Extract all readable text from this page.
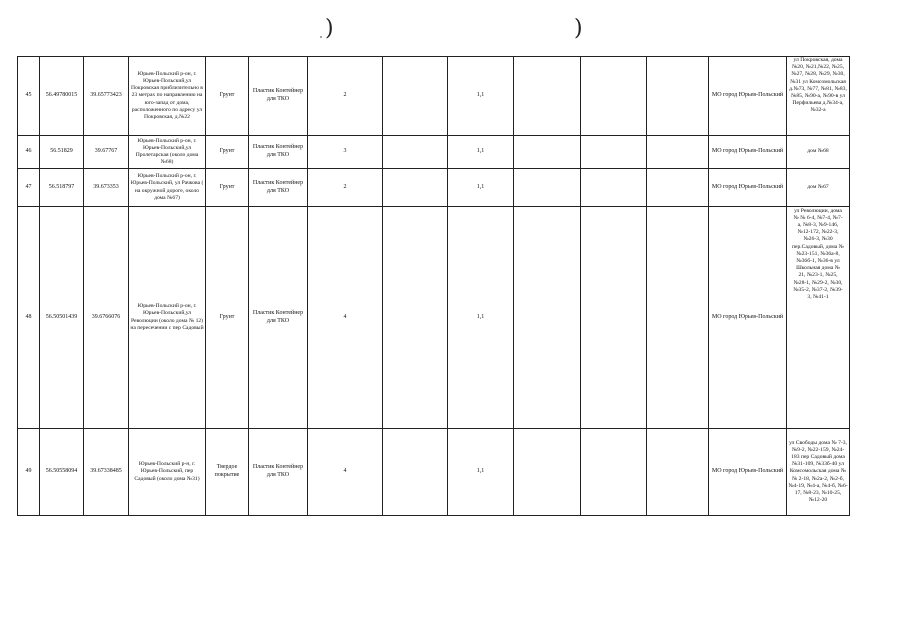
)	)
45	56.49780015	39.65773423	Юрьев-Польский р-он, г. Юрьев-Польский,ул Покровская приблизительно в 23 метрах по направлению на юго-запад от дома, расположенного по адресу ул Покровская, д.№22	Грунт	Пластик Контейнер для ТКО	2		1,1				МО город Юрьев-Польский	ул Покровская, дома №20, №21,№22, №25, №27, №28, №29, №30, №31 ул Комсомольская д.№73, №77, №81, №83, №85, №90-а, №90-в ул Перфильева д.№34-а, №32-а

46	56.51829	39.67767	Юрьев-Польский р-он, г. Юрьев-Польский,ул Пролетарская (около дома №68)	Грунт	Пластик Контейнер для ТКО	3		1,1				МО город Юрьев-Польский	дом №68

47	56.518797	39.673353	Юрьев-Польский р-он, г. Юрьев-Польский, ул Рачкова ( на окружной дороге, около дома №67)	Грунт	Пластик Контейнер для ТКО	2		1,1				МО город Юрьев-Польский	дом №67

48	56.50501439	39.6766076	Юрьев-Польский р-он, г. Юрьев-Польский,ул Революции (около дома № 12) на пересечении с пер Садовый	Грунт	Пластик Контейнер для ТКО	4		1,1				МО город Юрьев-Польский	ул Революции, дома № № 6-4, №7-4, №7-а, №8-3, №9-146, №12-172, №22-3, №26-3, №30 пер.Садовый, дома № №23-151, №36а-8, №36б-1, №36-в ул Школьная дома № 21, №23-1, №25, №28-1, №29-2, №30, №35-2, №37-2, №39-3, №41-1

49	56.50558094	39.67338485	Юрьев-Польский р-н, г. Юрьев-Польский, пер Садовый (около дома №31)	Твердое покрытие	Пластик Контейнер для ТКО	4		1,1				МО город Юрьев-Польский	ул Свободы дома № 7-3, №9-2, №22-159, №24-183 пер Садовый дома №31-109, №33б-40 ул Комсомольская дома № № 2-18, №2а-2, №2-б, №4-19, №4-а, №4-б, №6-17, №8-23, №10-25, №12-20
